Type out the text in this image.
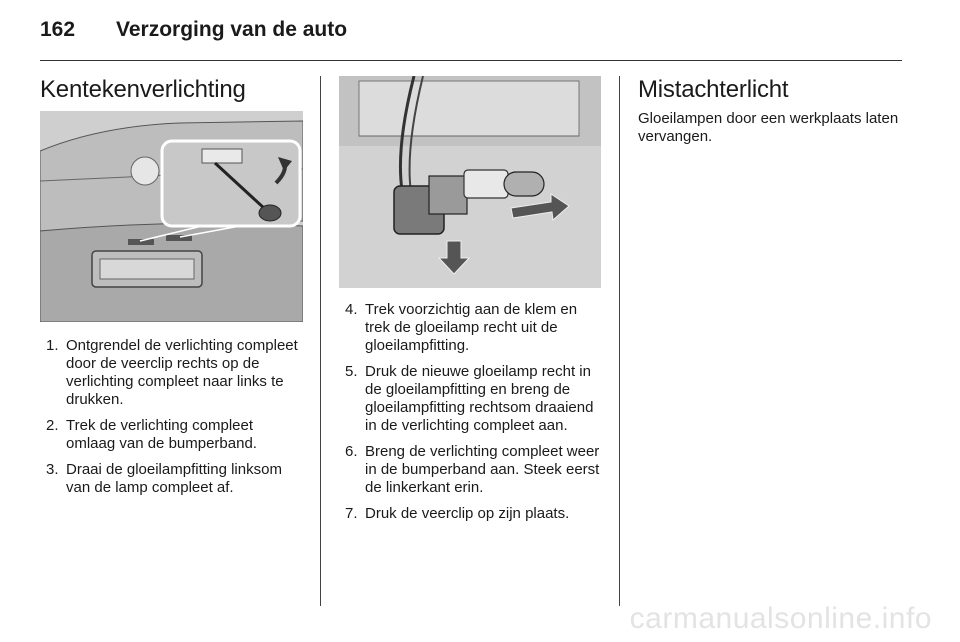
162 Verzorging van de auto
Kentekenverlichting
1. Ontgrendel de verlichting compleet door de veerclip rechts op de verlichting compleet naar links te drukken.
2. Trek de verlichting compleet omlaag van de bumperband.
3. Draai de gloeilampfitting linksom van de lamp compleet af.
4. Trek voorzichtig aan de klem en trek de gloeilamp recht uit de gloeilampfitting.
5. Druk de nieuwe gloeilamp recht in de gloeilampfitting en breng de gloeilampfitting rechtsom draaiend in de verlichting compleet aan.
6. Breng de verlichting compleet weer in de bumperband aan. Steek eerst de linkerkant erin.
7. Druk de veerclip op zijn plaats.
Mistachterlicht
Gloeilampen door een werkplaats laten vervangen.
carmanualsonline.info
